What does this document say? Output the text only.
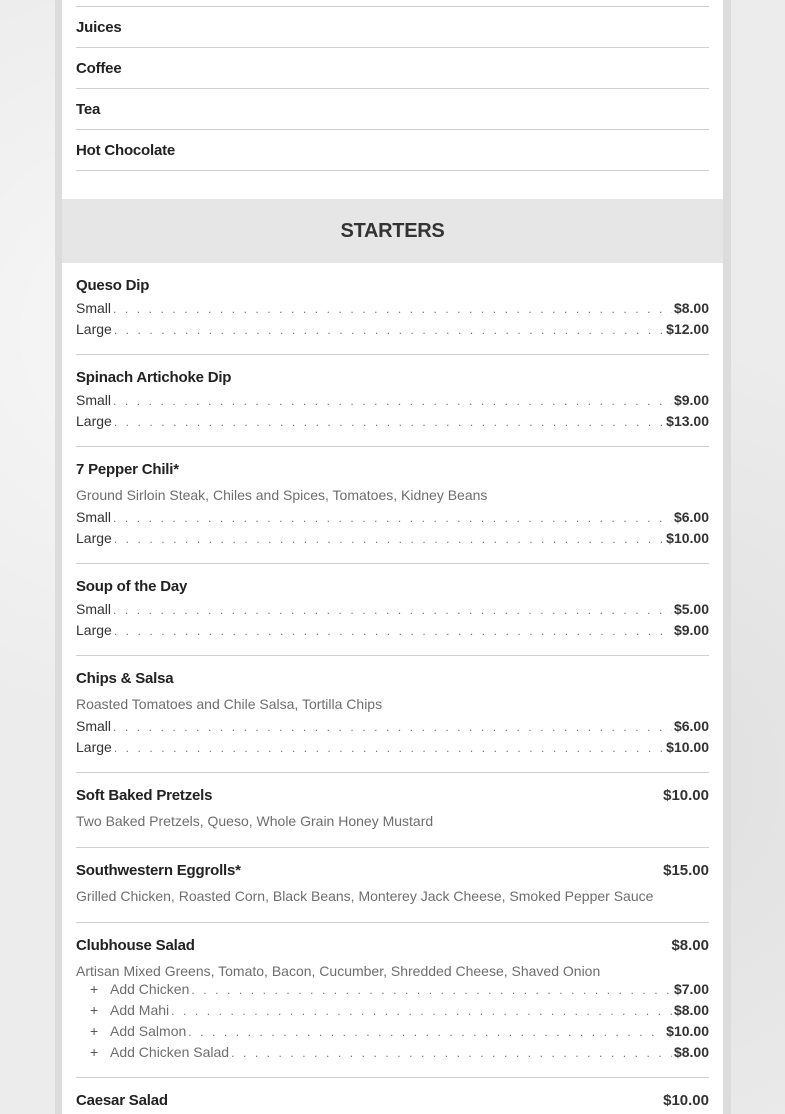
Juices
Coffee
Tea
Hot Chocolate
STARTERS
Queso Dip
Small . . .	$8.00
Large . . .	$12.00
Spinach Artichoke Dip
Small . . .	$9.00
Large . . .	$13.00
7 Pepper Chili*
Ground Sirloin Steak, Chiles and Spices, Tomatoes, Kidney Beans
Small . . .	$6.00
Large . . .	$10.00
Soup of the Day
Small . . .	$5.00
Large . . .	$9.00
Chips & Salsa
Roasted Tomatoes and Chile Salsa, Tortilla Chips
Small . . .	$6.00
Large . . .	$10.00
Soft Baked Pretzels	$10.00
Two Baked Pretzels, Queso, Whole Grain Honey Mustard
Southwestern Eggrolls*	$15.00
Grilled Chicken, Roasted Corn, Black Beans, Monterey Jack Cheese, Smoked Pepper Sauce
Clubhouse Salad	$8.00
Artisan Mixed Greens, Tomato, Bacon, Cucumber, Shredded Cheese, Shaved Onion
+ Add Chicken . . .	$7.00
+ Add Mahi . . .	$8.00
+ Add Salmon . . .	$10.00
+ Add Chicken Salad . . .	$8.00
Caesar Salad	$10.00
